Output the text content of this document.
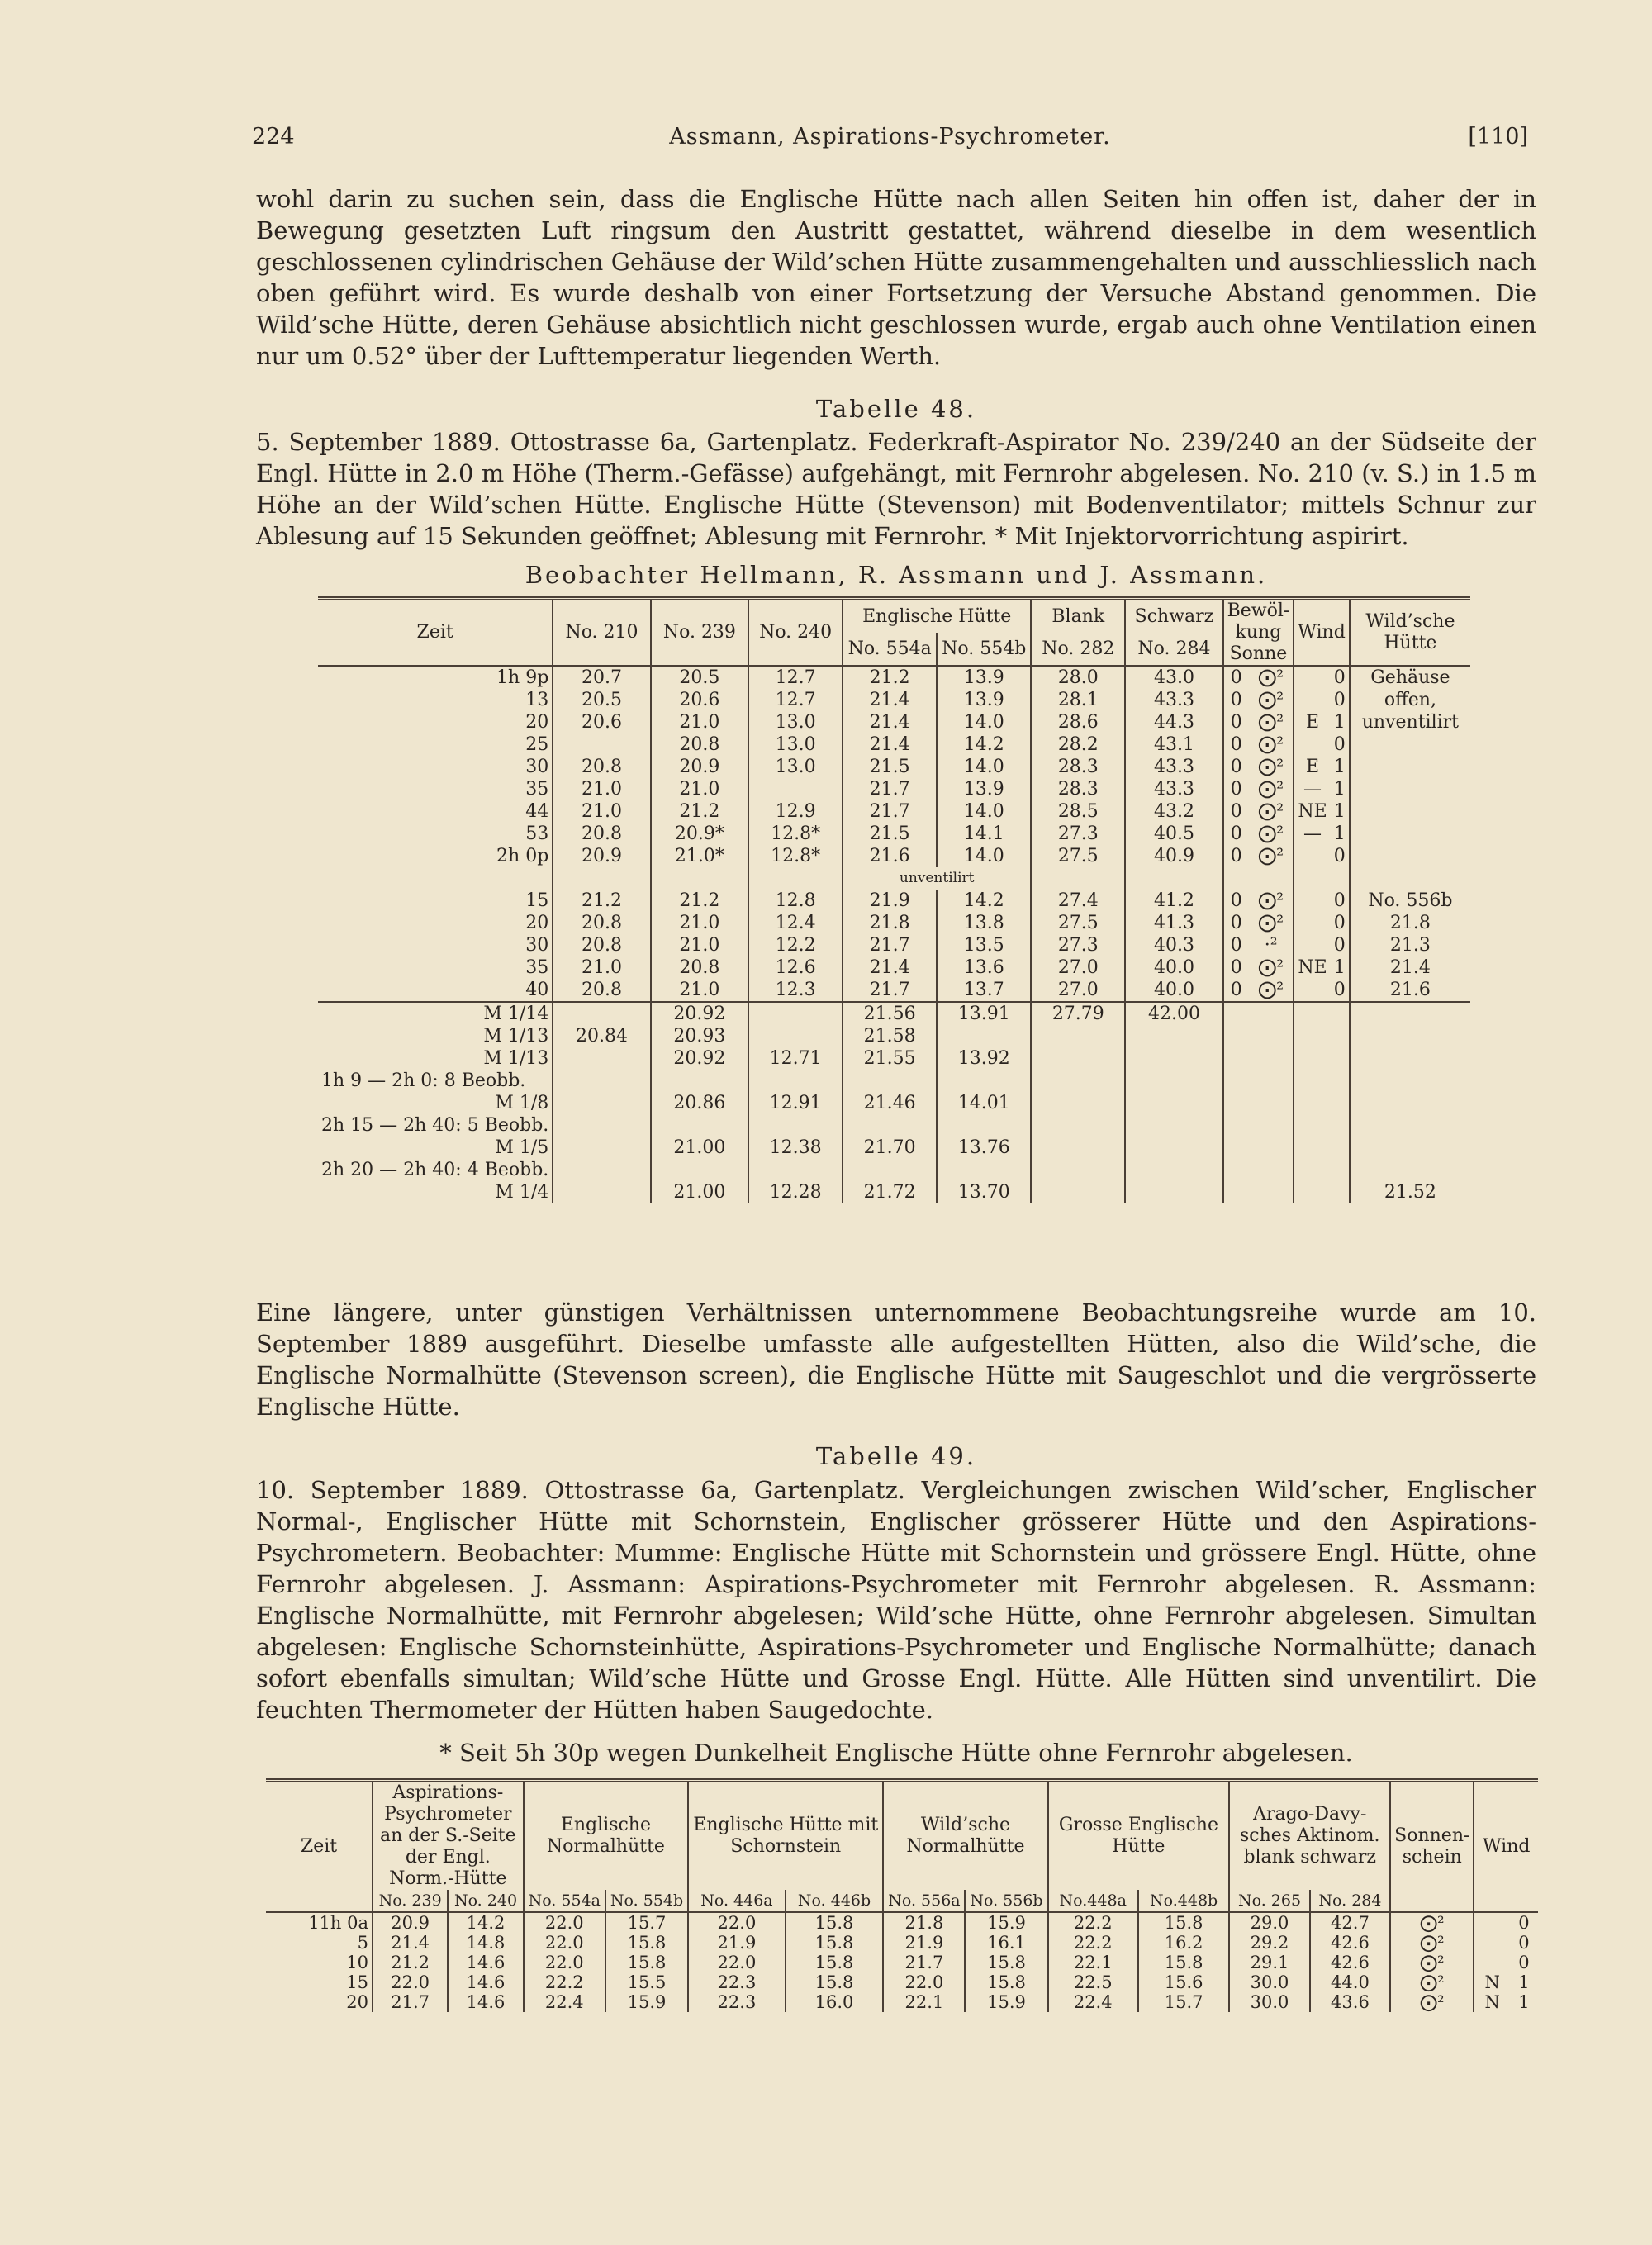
224	Assmann, Aspirations-Psychrometer.	[110]

wohl darin zu suchen sein, dass die Englische Hütte nach allen Seiten hin offen ist, daher der in Bewegung gesetzten Luft ringsum den Austritt gestattet, während dieselbe in dem wesentlich geschlossenen cylindrischen Gehäuse der Wild’schen Hütte zusammengehalten und ausschliesslich nach oben geführt wird. Es wurde deshalb von einer Fortsetzung der Versuche Abstand genommen. Die Wild’sche Hütte, deren Gehäuse absichtlich nicht geschlossen wurde, ergab auch ohne Ventilation einen nur um 0.52° über der Lufttemperatur liegenden Werth.

Tabelle 48.

5. September 1889. Ottostrasse 6a, Gartenplatz. Federkraft-Aspirator No. 239/240 an der Südseite der Engl. Hütte in 2.0 m Höhe (Therm.-Gefässe) aufgehängt, mit Fernrohr abgelesen. No. 210 (v. S.) in 1.5 m Höhe an der Wild’schen Hütte. Englische Hütte (Stevenson) mit Bodenventilator; mittels Schnur zur Ablesung auf 15 Sekunden geöffnet; Ablesung mit Fernrohr. * Mit Injektorvorrichtung aspirirt.

Beobachter Hellmann, R. Assmann und J. Assmann.
Zeit	No. 210	No. 239	No. 240	Englische Hütte		Blank	Schwarz	Bewöl-kung
Sonne		Wind		Wild’sche Hütte
				No. 554a	No. 554b	No. 282	No. 284					
1h 9p	20.7	20.5	12.7	21.2	13.9	28.0	43.0	0	⨀²		0	Gehäuse
13	20.5	20.6	12.7	21.4	13.9	28.1	43.3	0	⨀²		0	offen,
20	20.6	21.0	13.0	21.4	14.0	28.6	44.3	0	⨀²	E	1	unventilirt
25		20.8	13.0	21.4	14.2	28.2	43.1	0	⨀²		0	
30	20.8	20.9	13.0	21.5	14.0	28.3	43.3	0	⨀²	E	1	
35	21.0	21.0		21.7	13.9	28.3	43.3	0	⨀²	—	1	
44	21.0	21.2	12.9	21.7	14.0	28.5	43.2	0	⨀²	NE	1	
53	20.8	20.9*	12.8*	21.5	14.1	27.3	40.5	0	⨀²	—	1	
2h 0p	20.9	21.0*	12.8*	21.6	14.0	27.5	40.9	0	⨀²		0	
				unventilirt								
15	21.2	21.2	12.8	21.9	14.2	27.4	41.2	0	⨀²		0	No. 556b
20	20.8	21.0	12.4	21.8	13.8	27.5	41.3	0	⨀²		0	21.8
30	20.8	21.0	12.2	21.7	13.5	27.3	40.3	0	·²		0	21.3
35	21.0	20.8	12.6	21.4	13.6	27.0	40.0	0	⨀²	NE	1	21.4
40	20.8	21.0	12.3	21.7	13.7	27.0	40.0	0	⨀²		0	21.6
M 1/14		20.92		21.56	13.91	27.79	42.00					
M 1/13	20.84	20.93		21.58								
M 1/13		20.92	12.71	21.55	13.92							
1h 9 — 2h 0: 8 Beobb.												
M 1/8		20.86	12.91	21.46	14.01							
2h 15 — 2h 40: 5 Beobb.												
M 1/5		21.00	12.38	21.70	13.76							
2h 20 — 2h 40: 4 Beobb.												
M 1/4		21.00	12.28	21.72	13.70							21.52

Eine längere, unter günstigen Verhältnissen unternommene Beobachtungsreihe wurde am 10. September 1889 ausgeführt. Dieselbe umfasste alle aufgestellten Hütten, also die Wild’sche, die Englische Normalhütte (Stevenson screen), die Englische Hütte mit Saugeschlot und die vergrösserte Englische Hütte.

Tabelle 49.

10. September 1889. Ottostrasse 6a, Gartenplatz. Vergleichungen zwischen Wild’scher, Englischer Normal-, Englischer Hütte mit Schornstein, Englischer grösserer Hütte und den Aspirations-Psychrometern. Beobachter: Mumme: Englische Hütte mit Schornstein und grössere Engl. Hütte, ohne Fernrohr abgelesen. J. Assmann: Aspirations-Psychrometer mit Fernrohr abgelesen. R. Assmann: Englische Normalhütte, mit Fernrohr abgelesen; Wild’sche Hütte, ohne Fernrohr abgelesen. Simultan abgelesen: Englische Schornsteinhütte, Aspirations-Psychrometer und Englische Normalhütte; danach sofort ebenfalls simultan; Wild’sche Hütte und Grosse Engl. Hütte. Alle Hütten sind unventilirt. Die feuchten Thermometer der Hütten haben Saugedochte.

* Seit 5h 30p wegen Dunkelheit Englische Hütte ohne Fernrohr abgelesen.
Zeit	Aspirations-Psychrometer an der S.-Seite der Engl. Norm.-Hütte		Englische Normalhütte		Englische Hütte mit Schornstein		Wild’sche Normalhütte		Grosse Englische Hütte		Arago-Davy-sches Aktinom.
blank schwarz		Sonnen-schein	Wind	
	No. 239	No. 240	No. 554a	No. 554b	No. 446a	No. 446b	No. 556a	No. 556b	No.448a	No.448b	No. 265	No. 284			
11h 0a	20.9	14.2	22.0	15.7	22.0	15.8	21.8	15.9	22.2	15.8	29.0	42.7	⨀²		0
5	21.4	14.8	22.0	15.8	21.9	15.8	21.9	16.1	22.2	16.2	29.2	42.6	⨀²		0
10	21.2	14.6	22.0	15.8	22.0	15.8	21.7	15.8	22.1	15.8	29.1	42.6	⨀²		0
15	22.0	14.6	22.2	15.5	22.3	15.8	22.0	15.8	22.5	15.6	30.0	44.0	⨀²	N	1
20	21.7	14.6	22.4	15.9	22.3	16.0	22.1	15.9	22.4	15.7	30.0	43.6	⨀²	N	1
